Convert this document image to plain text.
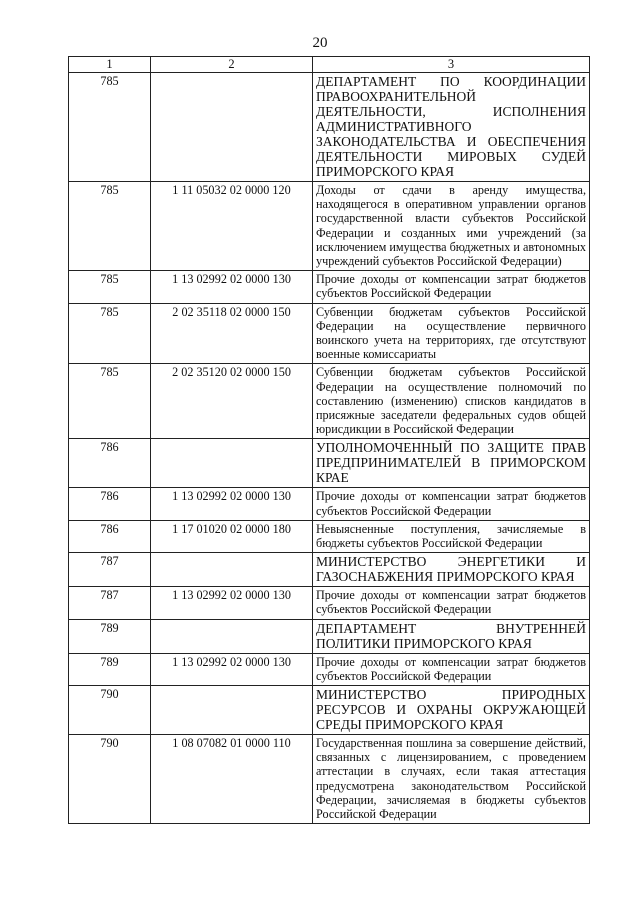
20
1	2	3
785		ДЕПАРТАМЕНТ ПО КООРДИНАЦИИ ПРАВООХРАНИТЕЛЬНОЙ ДЕЯТЕЛЬНОСТИ, ИСПОЛНЕНИЯ АДМИНИСТРАТИВНОГО ЗАКОНОДАТЕЛЬСТВА И ОБЕСПЕЧЕНИЯ ДЕЯТЕЛЬНОСТИ МИРОВЫХ СУДЕЙ ПРИМОРСКОГО КРАЯ
785	1 11 05032 02 0000 120	Доходы от сдачи в аренду имущества, находящегося в оперативном управлении органов государственной власти субъектов Российской Федерации и созданных ими учреждений (за исключением имущества бюджетных и автономных учреждений субъектов Российской Федерации)
785	1 13 02992 02 0000 130	Прочие доходы от компенсации затрат бюджетов субъектов Российской Федерации
785	2 02 35118 02 0000 150	Субвенции бюджетам субъектов Российской Федерации на осуществление первичного воинского учета на территориях, где отсутствуют военные комиссариаты
785	2 02 35120 02 0000 150	Субвенции бюджетам субъектов Российской Федерации на осуществление полномочий по составлению (изменению) списков кандидатов в присяжные заседатели федеральных судов общей юрисдикции в Российской Федерации
786		УПОЛНОМОЧЕННЫЙ ПО ЗАЩИТЕ ПРАВ ПРЕДПРИНИМАТЕЛЕЙ В ПРИМОРСКОМ КРАЕ
786	1 13 02992 02 0000 130	Прочие доходы от компенсации затрат бюджетов субъектов Российской Федерации
786	1 17 01020 02 0000 180	Невыясненные поступления, зачисляемые в бюджеты субъектов Российской Федерации
787		МИНИСТЕРСТВО ЭНЕРГЕТИКИ И ГАЗОСНАБЖЕНИЯ ПРИМОРСКОГО КРАЯ
787	1 13 02992 02 0000 130	Прочие доходы от компенсации затрат бюджетов субъектов Российской Федерации
789		ДЕПАРТАМЕНТ ВНУТРЕННЕЙ ПОЛИТИКИ ПРИМОРСКОГО КРАЯ
789	1 13 02992 02 0000 130	Прочие доходы от компенсации затрат бюджетов субъектов Российской Федерации
790		МИНИСТЕРСТВО ПРИРОДНЫХ РЕСУРСОВ И ОХРАНЫ ОКРУЖАЮЩЕЙ СРЕДЫ ПРИМОРСКОГО КРАЯ
790	1 08 07082 01 0000 110	Государственная пошлина за совершение действий, связанных с лицензированием, с проведением аттестации в случаях, если такая аттестация предусмотрена законодательством Российской Федерации, зачисляемая в бюджеты субъектов Российской Федерации
